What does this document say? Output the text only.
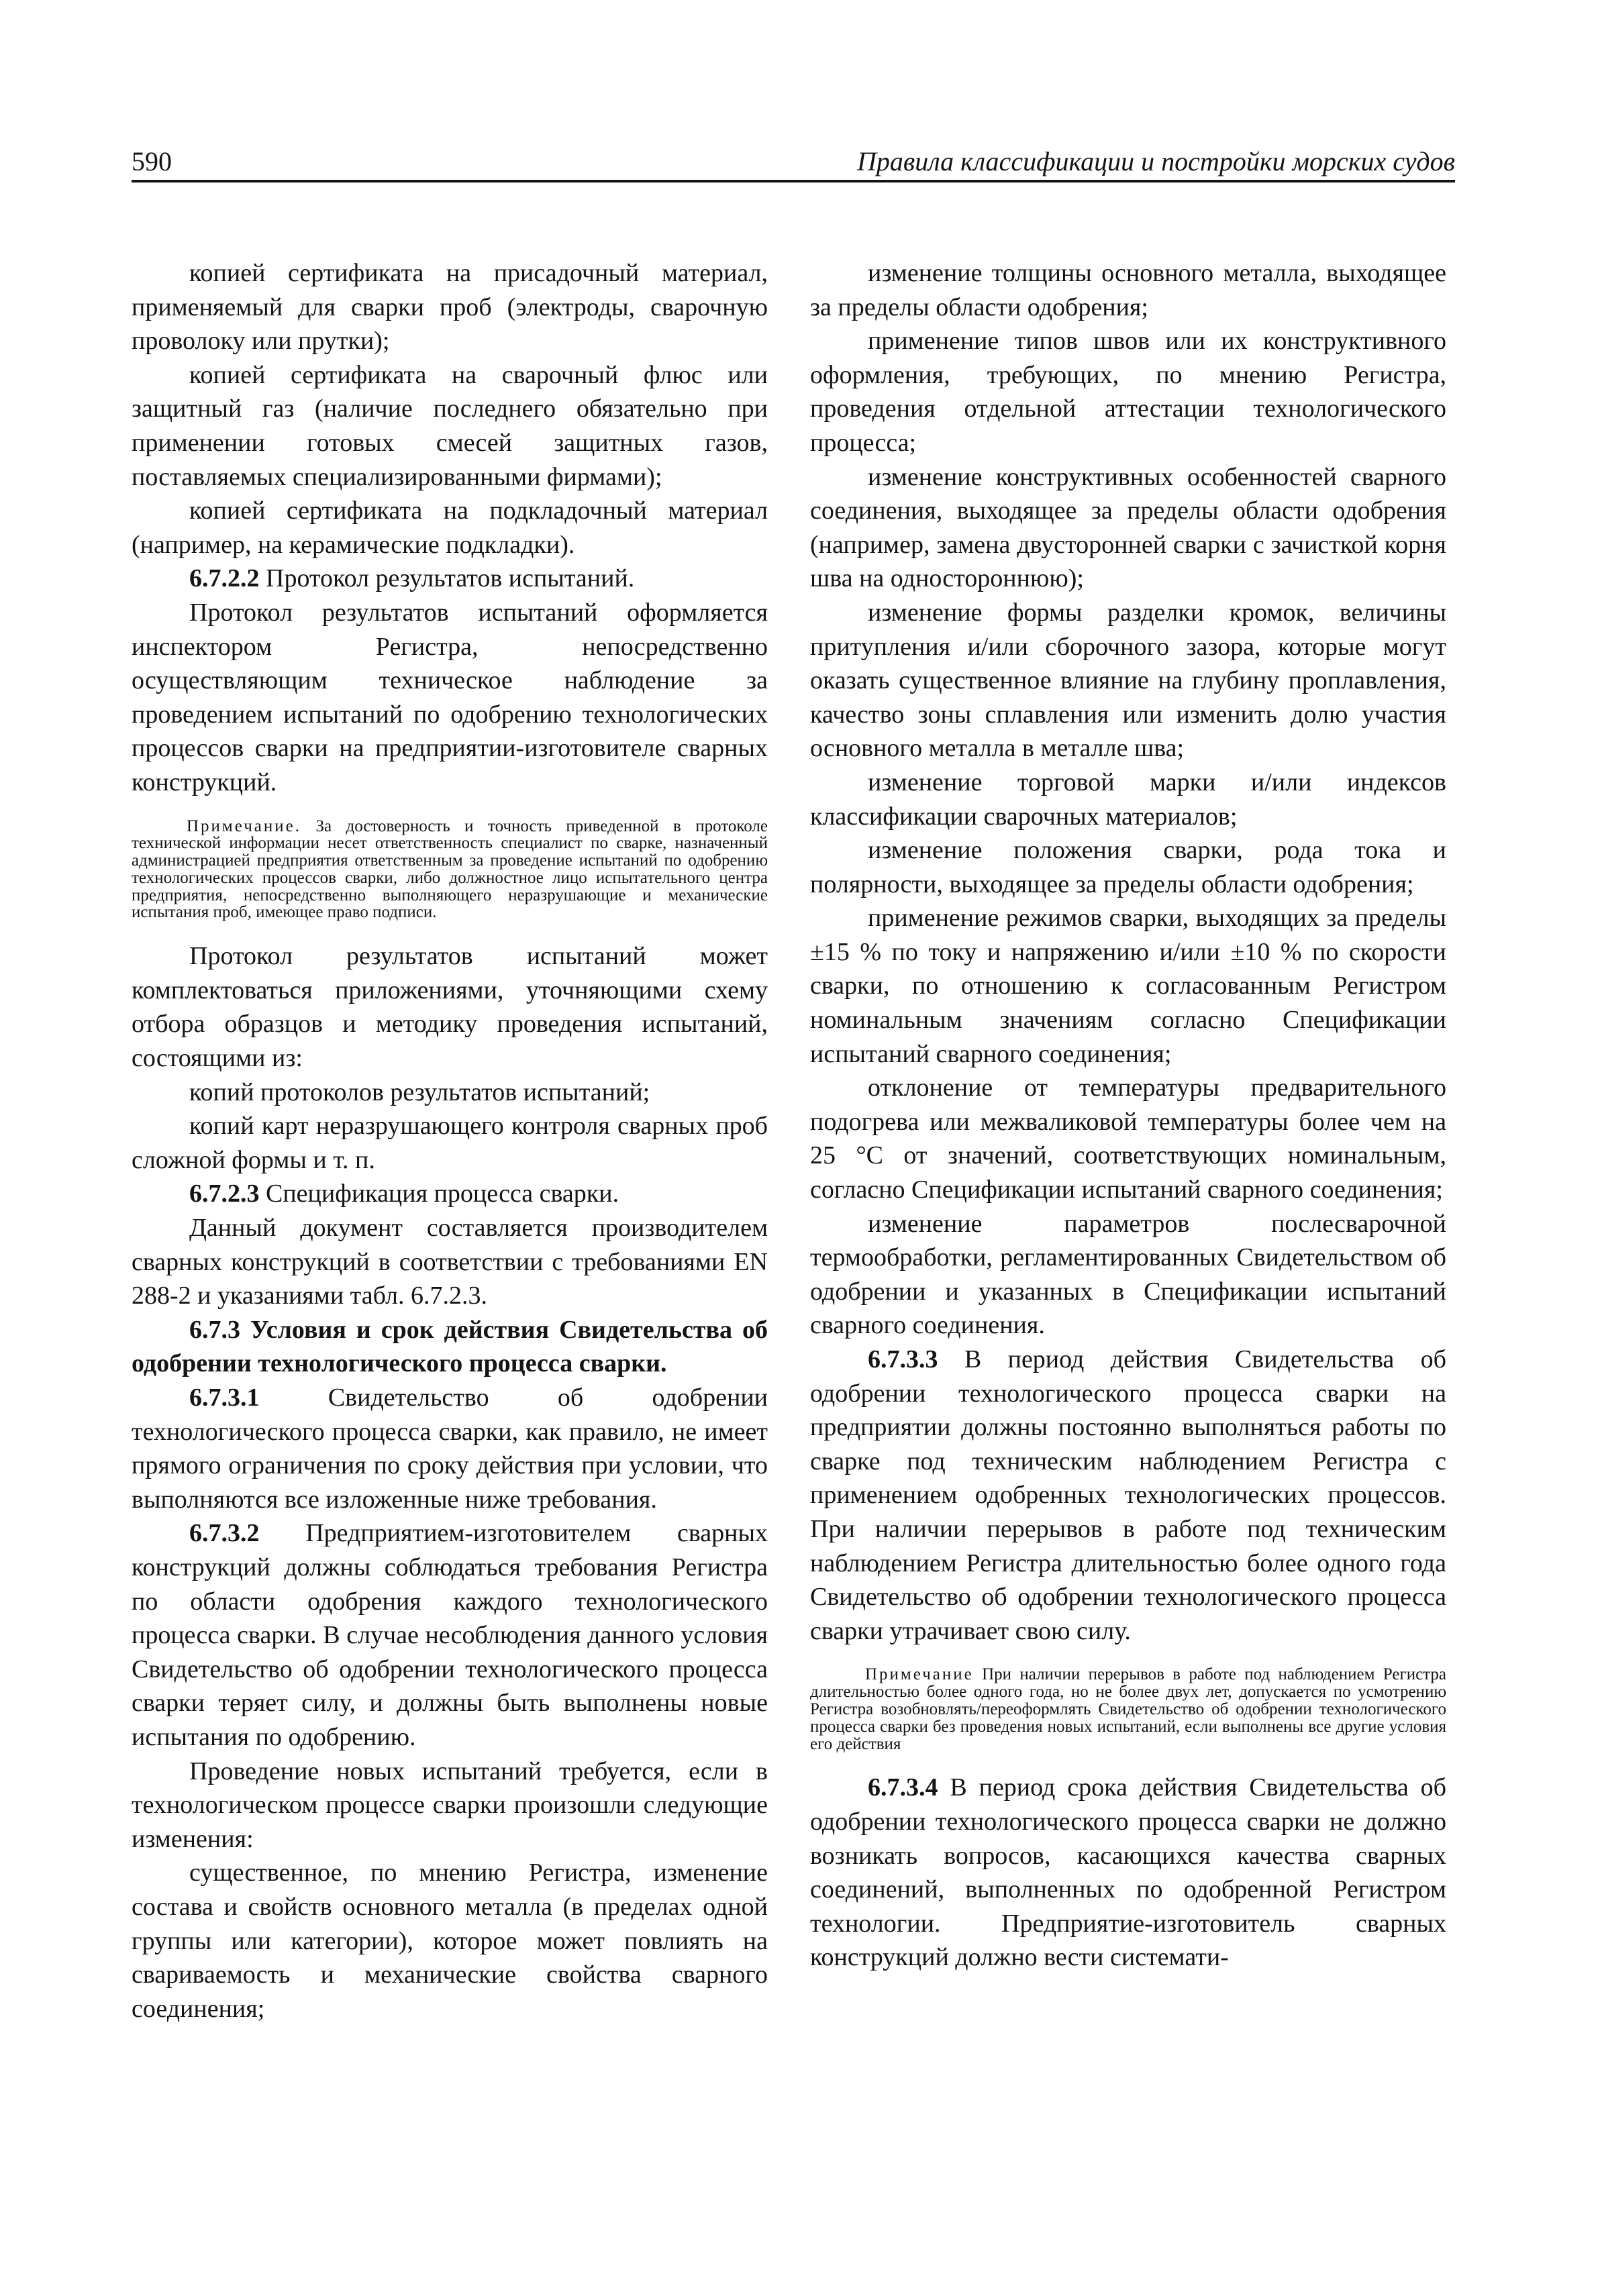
590	Правила классификации и постройки морских судов

копией сертификата на присадочный материал, применяемый для сварки проб (электроды, сварочную проволоку или прутки);

копией сертификата на сварочный флюс или защитный газ (наличие последнего обязательно при применении готовых смесей защитных газов, поставляемых специализированными фирмами);

копией сертификата на подкладочный материал (например, на керамические подкладки).

6.7.2.2 Протокол результатов испытаний.

Протокол результатов испытаний оформляется инспектором Регистра, непосредственно осуществляющим техническое наблюдение за проведением испытаний по одобрению технологических процессов сварки на предприятии-изготовителе сварных конструкций.

Примечание. За достоверность и точность приведенной в протоколе технической информации несет ответственность специалист по сварке, назначенный администрацией предприятия ответственным за проведение испытаний по одобрению технологических процессов сварки, либо должностное лицо испытательного центра предприятия, непосредственно выполняющего неразрушающие и механические испытания проб, имеющее право подписи.

Протокол результатов испытаний может комплектоваться приложениями, уточняющими схему отбора образцов и методику проведения испытаний, состоящими из:

копий протоколов результатов испытаний;

копий карт неразрушающего контроля сварных проб сложной формы и т. п.

6.7.2.3 Спецификация процесса сварки.

Данный документ составляется производителем сварных конструкций в соответствии с требованиями EN 288-2 и указаниями табл. 6.7.2.3.

6.7.3 Условия и срок действия Свидетельства об одобрении технологического процесса сварки.

6.7.3.1 Свидетельство об одобрении технологического процесса сварки, как правило, не имеет прямого ограничения по сроку действия при условии, что выполняются все изложенные ниже требования.

6.7.3.2 Предприятием-изготовителем сварных конструкций должны соблюдаться требования Регистра по области одобрения каждого технологического процесса сварки. В случае несоблюдения данного условия Свидетельство об одобрении технологического процесса сварки теряет силу, и должны быть выполнены новые испытания по одобрению.

Проведение новых испытаний требуется, если в технологическом процессе сварки произошли следующие изменения:

существенное, по мнению Регистра, изменение состава и свойств основного металла (в пределах одной группы или категории), которое может повлиять на свариваемость и механические свойства сварного соединения;

изменение толщины основного металла, выходящее за пределы области одобрения;

применение типов швов или их конструктивного оформления, требующих, по мнению Регистра, проведения отдельной аттестации технологического процесса;

изменение конструктивных особенностей сварного соединения, выходящее за пределы области одобрения (например, замена двусторонней сварки с зачисткой корня шва на одностороннюю);

изменение формы разделки кромок, величины притупления и/или сборочного зазора, которые могут оказать существенное влияние на глубину проплавления, качество зоны сплавления или изменить долю участия основного металла в металле шва;

изменение торговой марки и/или индексов классификации сварочных материалов;

изменение положения сварки, рода тока и полярности, выходящее за пределы области одобрения;

применение режимов сварки, выходящих за пределы ±15 % по току и напряжению и/или ±10 % по скорости сварки, по отношению к согласованным Регистром номинальным значениям согласно Спецификации испытаний сварного соединения;

отклонение от температуры предварительного подогрева или межваликовой температуры более чем на 25 °С от значений, соответствующих номинальным, согласно Спецификации испытаний сварного соединения;

изменение параметров послесварочной термообработки, регламентированных Свидетельством об одобрении и указанных в Спецификации испытаний сварного соединения.

6.7.3.3 В период действия Свидетельства об одобрении технологического процесса сварки на предприятии должны постоянно выполняться работы по сварке под техническим наблюдением Регистра с применением одобренных технологических процессов. При наличии перерывов в работе под техническим наблюдением Регистра длительностью более одного года Свидетельство об одобрении технологического процесса сварки утрачивает свою силу.

Примечание При наличии перерывов в работе под наблюдением Регистра длительностью более одного года, но не более двух лет, допускается по усмотрению Регистра возобновлять/переоформлять Свидетельство об одобрении технологического процесса сварки без проведения новых испытаний, если выполнены все другие условия его действия

6.7.3.4 В период срока действия Свидетельства об одобрении технологического процесса сварки не должно возникать вопросов, касающихся качества сварных соединений, выполненных по одобренной Регистром технологии. Предприятие-изготовитель сварных конструкций должно вести системати-
